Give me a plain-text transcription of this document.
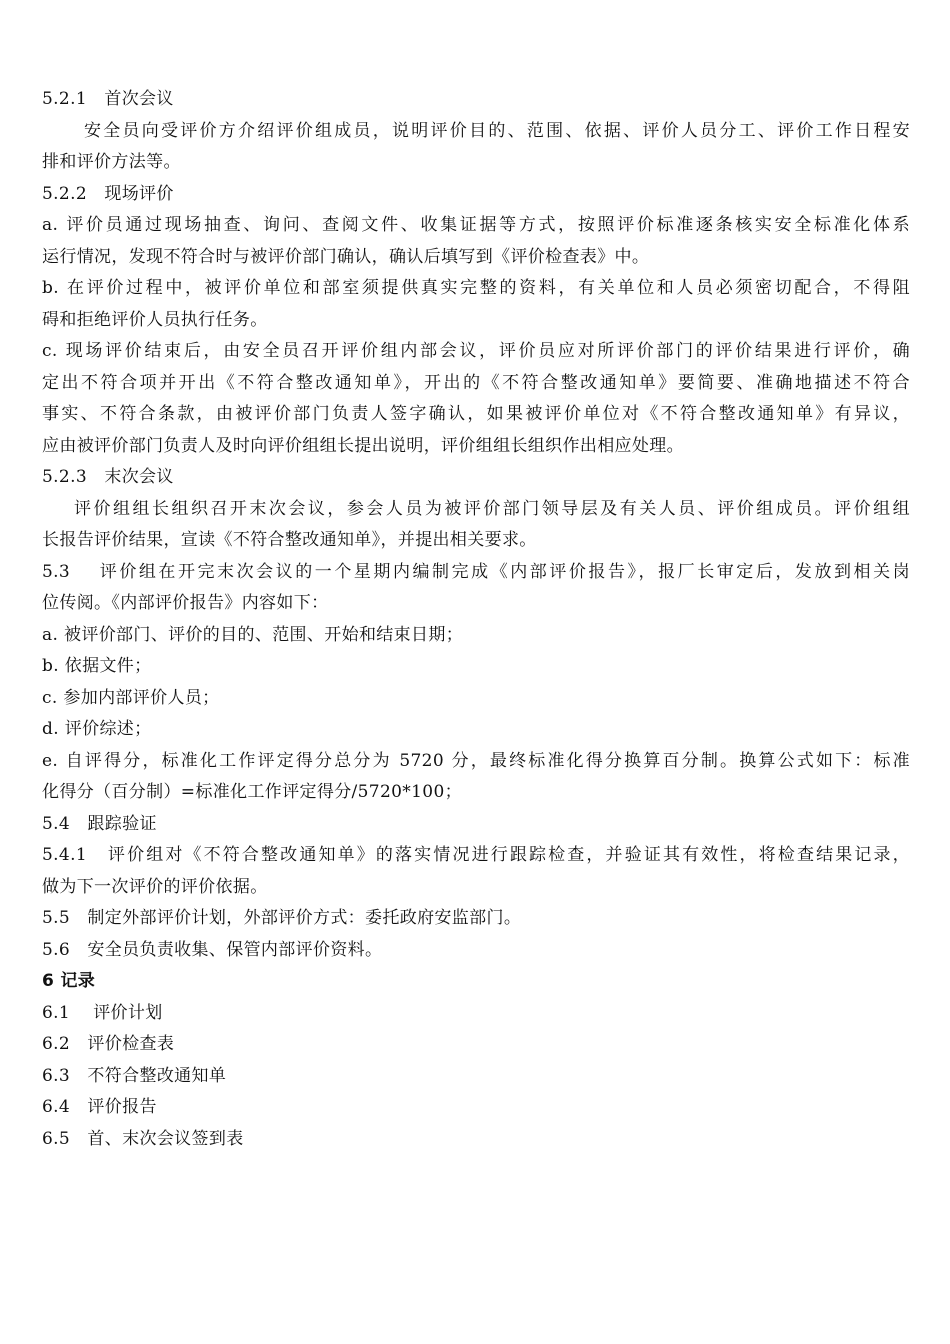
5.2.1　首次会议
安全员向受评价方介绍评价组成员，说明评价目的、范围、依据、评价人员分工、评价工作日程安
排和评价方法等。
5.2.2　现场评价
a. 评价员通过现场抽查、询问、查阅文件、收集证据等方式，按照评价标准逐条核实安全标准化体系
运行情况，发现不符合时与被评价部门确认，确认后填写到《评价检查表》中。
b. 在评价过程中，被评价单位和部室须提供真实完整的资料，有关单位和人员必须密切配合，不得阻
碍和拒绝评价人员执行任务。
c. 现场评价结束后，由安全员召开评价组内部会议，评价员应对所评价部门的评价结果进行评价，确
定出不符合项并开出《不符合整改通知单》，开出的《不符合整改通知单》要简要、准确地描述不符合
事实、不符合条款，由被评价部门负责人签字确认，如果被评价单位对《不符合整改通知单》有异议，
应由被评价部门负责人及时向评价组组长提出说明，评价组组长组织作出相应处理。
5.2.3　末次会议
评价组组长组织召开末次会议，参会人员为被评价部门领导层及有关人员、评价组成员。评价组组
长报告评价结果，宣读《不符合整改通知单》，并提出相关要求。
5.3　 评价组在开完末次会议的一个星期内编制完成《内部评价报告》，报厂长审定后，发放到相关岗
位传阅。《内部评价报告》内容如下：
a. 被评价部门、评价的目的、范围、开始和结束日期；
b. 依据文件；
c. 参加内部评价人员；
d. 评价综述；
e. 自评得分，标准化工作评定得分总分为 5720 分，最终标准化得分换算百分制。换算公式如下：标准
化得分（百分制）=标准化工作评定得分/5720*100；
5.4　跟踪验证
5.4.1　评价组对《不符合整改通知单》的落实情况进行跟踪检查，并验证其有效性，将检查结果记录，
做为下一次评价的评价依据。
5.5　制定外部评价计划，外部评价方式：委托政府安监部门。
5.6　安全员负责收集、保管内部评价资料。
6 记录
6.1　 评价计划
6.2　评价检查表
6.3　不符合整改通知单
6.4　评价报告
6.5　首、末次会议签到表
